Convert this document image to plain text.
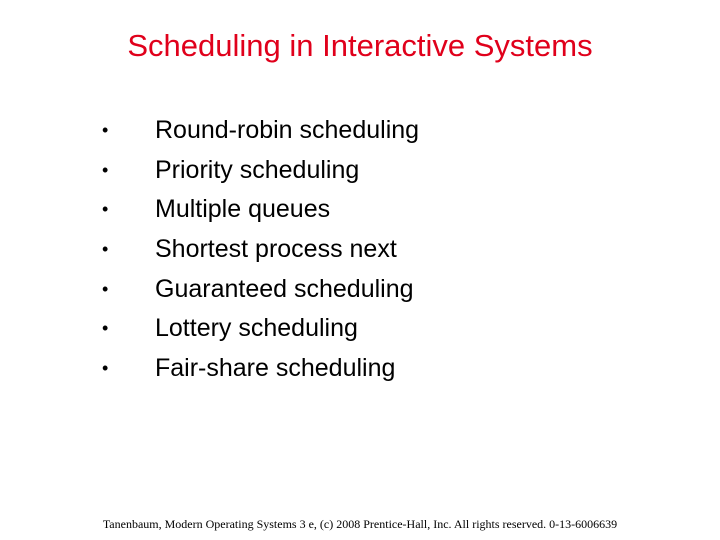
Scheduling in Interactive Systems
•	Round-robin scheduling
•	Priority scheduling
•	Multiple queues
•	Shortest process next
•	Guaranteed scheduling
•	Lottery scheduling
•	Fair-share scheduling
Tanenbaum, Modern Operating Systems 3 e, (c) 2008 Prentice-Hall, Inc. All rights reserved. 0-13-6006639
